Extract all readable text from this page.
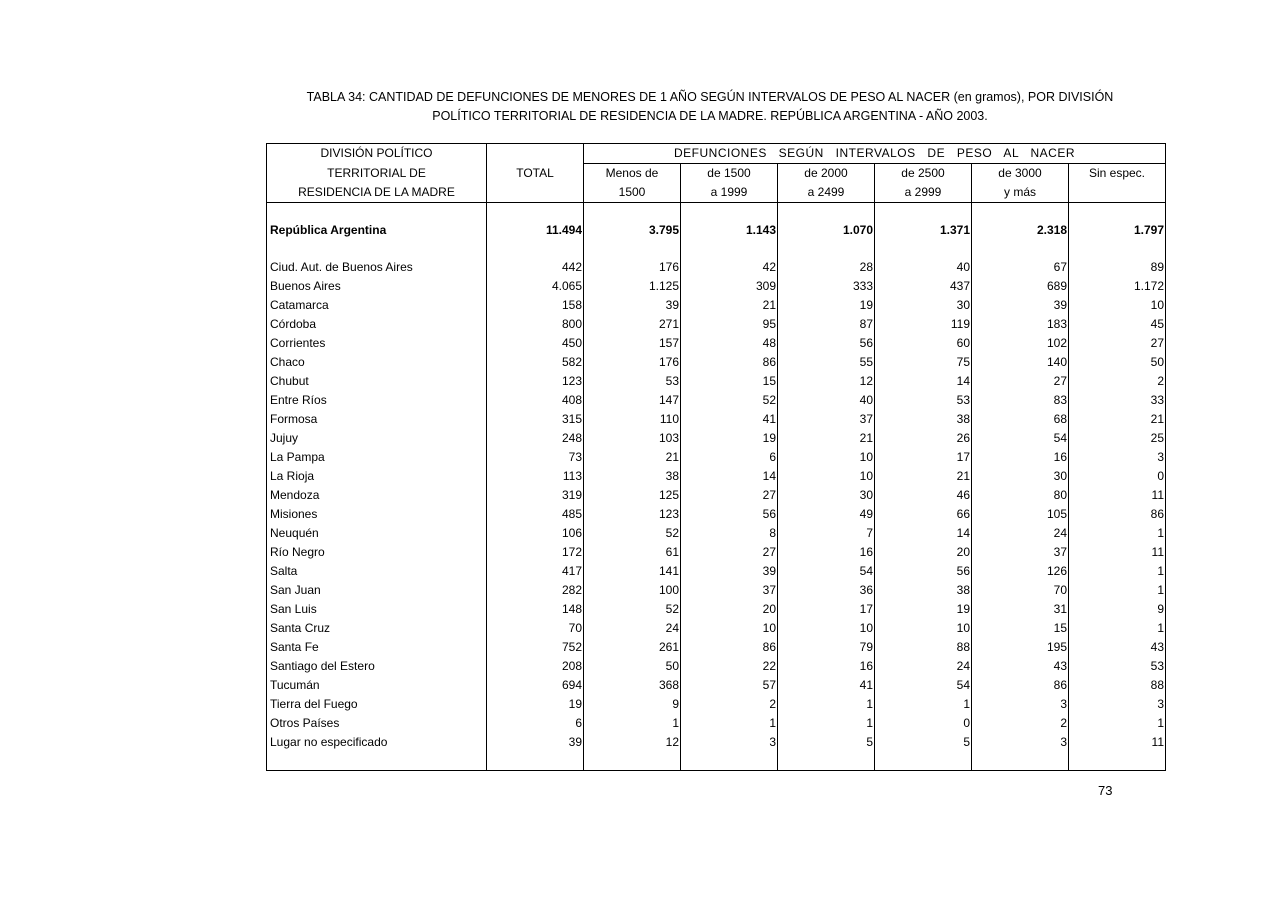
TABLA 34: CANTIDAD DE DEFUNCIONES DE MENORES DE 1 AÑO SEGÚN INTERVALOS DE PESO AL NACER (en gramos), POR DIVISIÓN
POLÍTICO TERRITORIAL DE RESIDENCIA DE LA MADRE. REPÚBLICA ARGENTINA - AÑO 2003.
DIVISIÓN POLÍTICO		DEFUNCIONES SEGÚN INTERVALOS DE PESO AL NACER					
TERRITORIAL DE	TOTAL	Menos de	de 1500	de 2000	de 2500	de 3000	Sin espec.
RESIDENCIA DE LA MADRE		1500	a 1999	a 2499	a 2999	y más	

República Argentina	11.494	3.795	1.143	1.070	1.371	2.318	1.797

Ciud. Aut. de Buenos Aires	442	176	42	28	40	67	89
Buenos Aires	4.065	1.125	309	333	437	689	1.172
Catamarca	158	39	21	19	30	39	10
Córdoba	800	271	95	87	119	183	45
Corrientes	450	157	48	56	60	102	27
Chaco	582	176	86	55	75	140	50
Chubut	123	53	15	12	14	27	2
Entre Ríos	408	147	52	40	53	83	33
Formosa	315	110	41	37	38	68	21
Jujuy	248	103	19	21	26	54	25
La Pampa	73	21	6	10	17	16	3
La Rioja	113	38	14	10	21	30	0
Mendoza	319	125	27	30	46	80	11
Misiones	485	123	56	49	66	105	86
Neuquén	106	52	8	7	14	24	1
Río Negro	172	61	27	16	20	37	11
Salta	417	141	39	54	56	126	1
San Juan	282	100	37	36	38	70	1
San Luis	148	52	20	17	19	31	9
Santa Cruz	70	24	10	10	10	15	1
Santa Fe	752	261	86	79	88	195	43
Santiago del Estero	208	50	22	16	24	43	53
Tucumán	694	368	57	41	54	86	88
Tierra del Fuego	19	9	2	1	1	3	3
Otros Países	6	1	1	1	0	2	1
Lugar no especificado	39	12	3	5	5	3	11

73
